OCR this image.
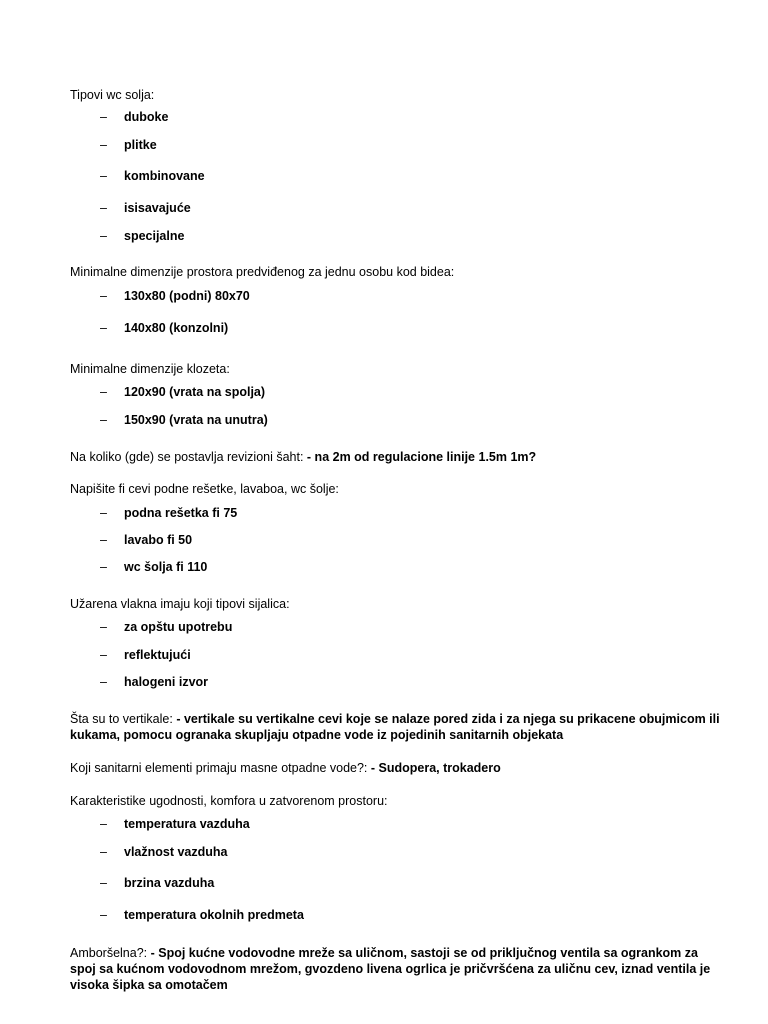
Tipovi wc solja:
– duboke
– plitke
– kombinovane
– isisavajuće
– specijalne
Minimalne dimenzije prostora predviđenog za jednu osobu kod bidea:
– 130x80 (podni) 80x70
– 140x80 (konzolni)
Minimalne dimenzije klozeta:
– 120x90 (vrata na spolja)
– 150x90 (vrata na unutra)
Na koliko (gde) se postavlja revizioni šaht: - na 2m od regulacione linije 1.5m 1m?
Napišite fi cevi podne rešetke, lavaboa, wc šolje:
– podna rešetka fi 75
– lavabo fi 50
– wc šolja fi 110
Užarena vlakna imaju koji tipovi sijalica:
– za opštu upotrebu
– reflektujući
– halogeni izvor
Šta su to vertikale: - vertikale su vertikalne cevi koje se nalaze pored zida i za njega su prikacene obujmicom ili kukama, pomocu ogranaka skupljaju otpadne vode iz pojedinih sanitarnih objekata
Koji sanitarni elementi primaju masne otpadne vode?: - Sudopera, trokadero
Karakteristike ugodnosti, komfora u zatvorenom prostoru:
– temperatura vazduha
– vlažnost vazduha
– brzina vazduha
– temperatura okolnih predmeta
Amboršelna?: - Spoj kućne vodovodne mreže sa uličnom, sastoji se od priključnog ventila sa ogrankom za spoj sa kućnom vodovodnom mrežom, gvozdeno livena ogrlica je pričvršćena za uličnu cev, iznad ventila je visoka šipka sa omotačem
